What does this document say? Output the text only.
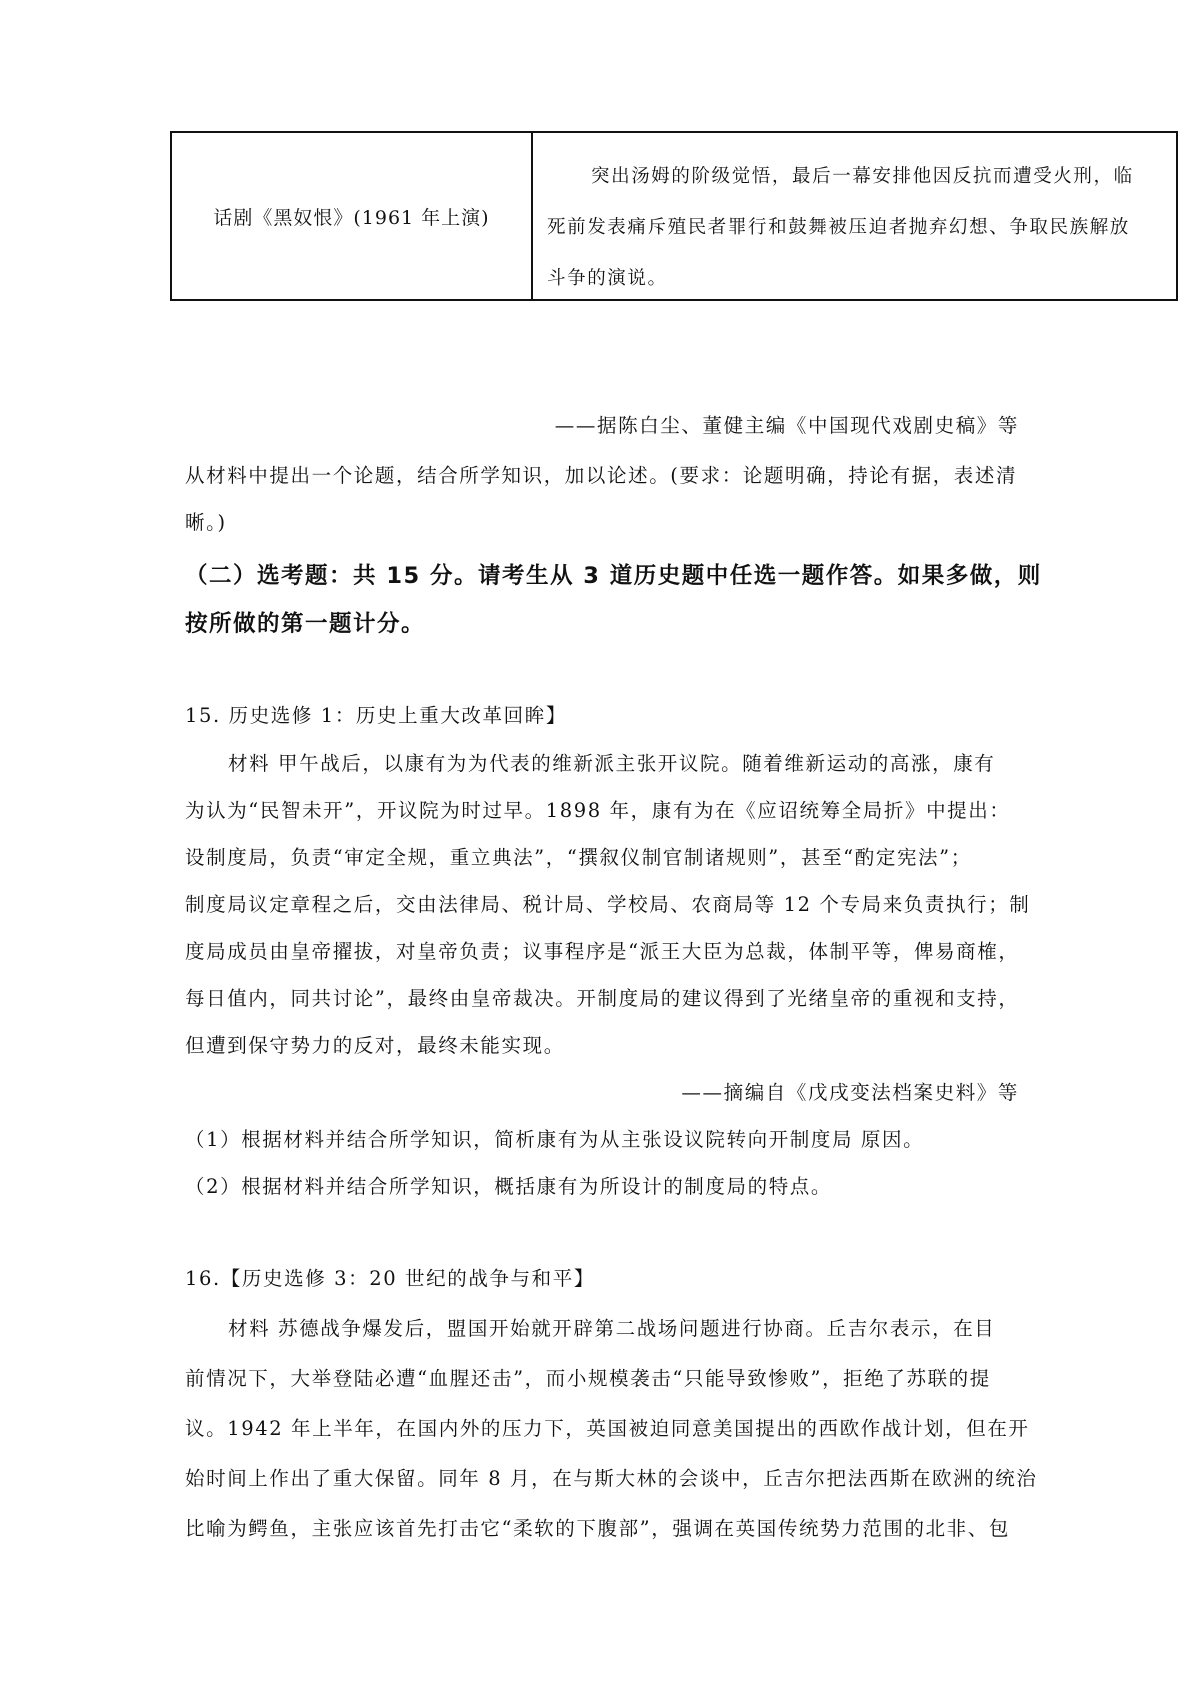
话剧《黑奴恨》(1961 年上演)
突出汤姆的阶级觉悟，最后一幕安排他因反抗而遭受火刑，临
死前发表痛斥殖民者罪行和鼓舞被压迫者抛弃幻想、争取民族解放
斗争的演说。
——据陈白尘、董健主编《中国现代戏剧史稿》等
从材料中提出一个论题，结合所学知识，加以论述。(要求：论题明确，持论有据，表述清
晰。)
（二）选考题：共 15 分。请考生从 3 道历史题中任选一题作答。如果多做，则
按所做的第一题计分。
15. 历史选修 1：历史上重大改革回眸】
材料 甲午战后，以康有为为代表的维新派主张开议院。随着维新运动的高涨，康有
为认为“民智未开”，开议院为时过早。1898 年，康有为在《应诏统筹全局折》中提出：
设制度局，负责“审定全规，重立典法”，“撰叙仪制官制诸规则”，甚至“酌定宪法”；
制度局议定章程之后，交由法律局、税计局、学校局、农商局等 12 个专局来负责执行；制
度局成员由皇帝擢拔，对皇帝负责；议事程序是“派王大臣为总裁，体制平等，俾易商榷，
每日值内，同共讨论”，最终由皇帝裁决。开制度局的建议得到了光绪皇帝的重视和支持，
但遭到保守势力的反对，最终未能实现。
——摘编自《戊戌变法档案史料》等
（1）根据材料并结合所学知识，简析康有为从主张设议院转向开制度局 原因。
（2）根据材料并结合所学知识，概括康有为所设计的制度局的特点。
16.【历史选修 3：20 世纪的战争与和平】
材料 苏德战争爆发后，盟国开始就开辟第二战场问题进行协商。丘吉尔表示，在目
前情况下，大举登陆必遭“血腥还击”，而小规模袭击“只能导致惨败”，拒绝了苏联的提
议。1942 年上半年，在国内外的压力下，英国被迫同意美国提出的西欧作战计划，但在开
始时间上作出了重大保留。同年 8 月，在与斯大林的会谈中，丘吉尔把法西斯在欧洲的统治
比喻为鳄鱼，主张应该首先打击它“柔软的下腹部”，强调在英国传统势力范围的北非、包
